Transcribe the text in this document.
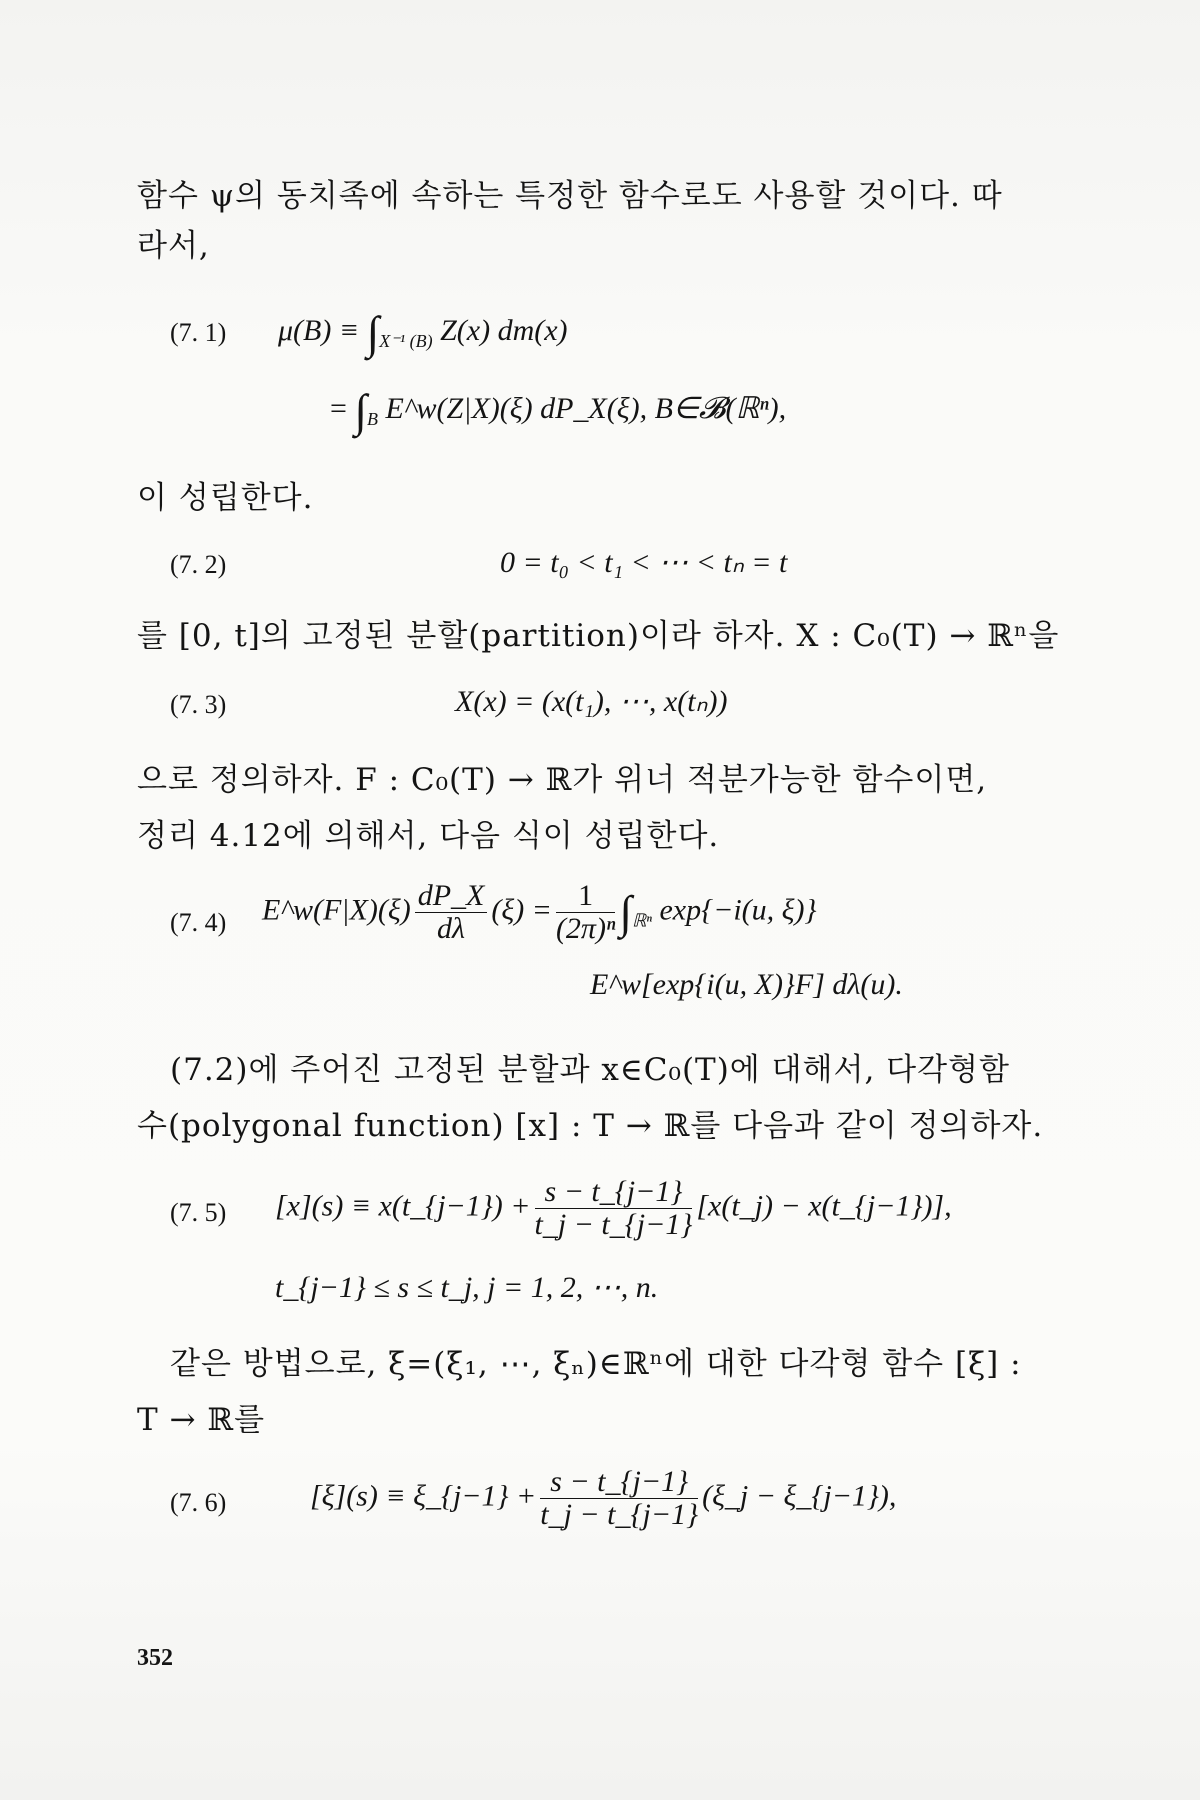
함수 ψ의 동치족에 속하는 특정한 함수로도 사용할 것이다. 따
라서,
(7. 1) $\mu(B) \equiv \int_{X^{-1} (B)}$ Z(x) dm(x)
= $\int_B$ E^w(Z|X)(ξ) dP_X(ξ), B∈𝓑(ℝⁿ),
이 성립한다.
(7. 2)	0 = t₀ < t₁ < ⋯ < tₙ = t
를 [0, t]의 고정된 분할(partition)이라 하자. X : C₀(T) → ℝⁿ을
(7. 3)	X(x) = (x(t₁), ⋯, x(tₙ))
으로 정의하자. F : C₀(T) → ℝ가 위너 적분가능한 함수이면,
정리 4.12에 의해서, 다음 식이 성립한다.
(7. 4) E^w(F|X)(ξ) $\frac{dP\_X}{d\lambda} (\xi) = \frac{1}{\text{(2π)ⁿ}} \int_{ℝ^n}$ exp{−i(u, ξ)}
E^w[exp{i(u, X)}F] dλ(u).
(7.2)에 주어진 고정된 분할과 x∈C₀(T)에 대해서, 다각형함
수(polygonal function) [x] : T → ℝ를 다음과 같이 정의하자.
(7. 5) [x](s) ≡ x(t_{j−1}) + $\frac{s - t\_\{j-1\}}{t\_j - t\_\{j-1\}}$ [x(t_j) − x(t_{j−1})],
t_{j−1} ≤ s ≤ t_j, j = 1, 2, ⋯, n.
같은 방법으로, ξ=(ξ₁, ⋯, ξₙ)∈ℝⁿ에 대한 다각형 함수 [ξ] :
T → ℝ를
(7. 6)	[ξ](s) ≡ ξ_{j−1} + $\frac{s - t\_\{j-1\}}{t\_j - t\_\{j-1\}}$ (ξ_j − ξ_{j−1}),
352
